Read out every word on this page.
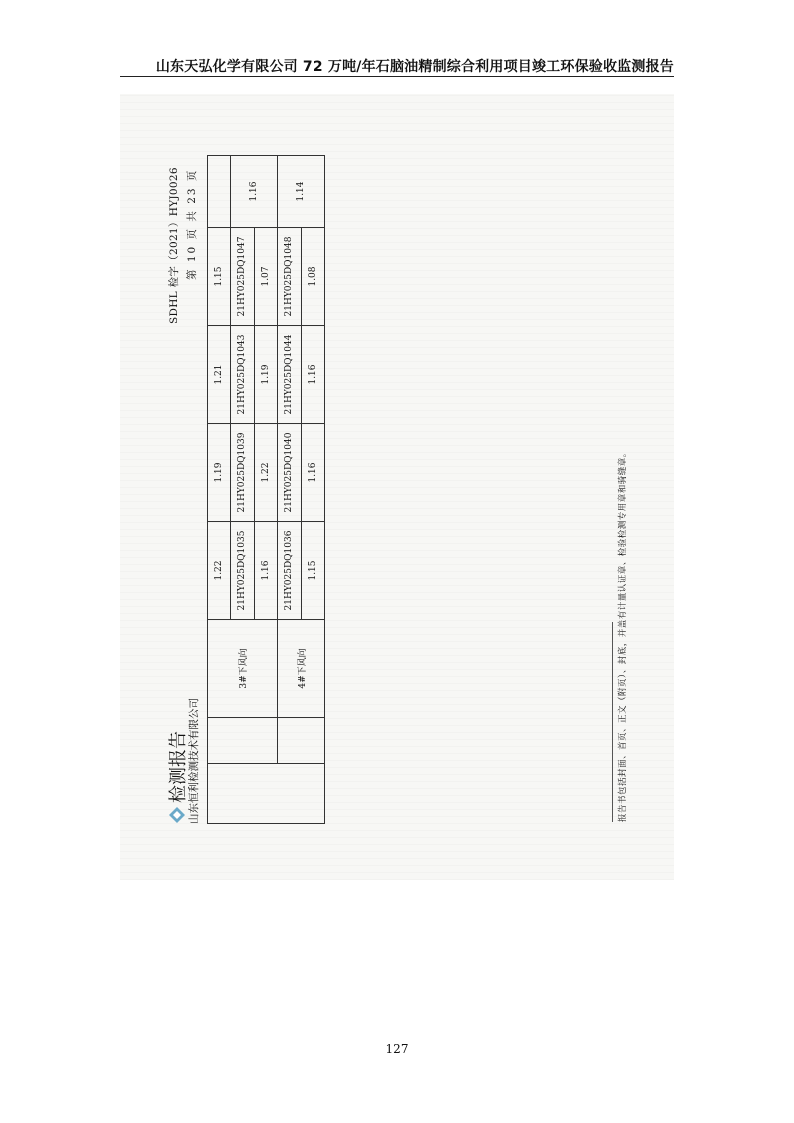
山东天弘化学有限公司 72 万吨/年石脑油精制综合利用项目竣工环保验收监测报告
检测报告 山东恒利检测技术有限公司
SDHL 检字（2021）HYJ0026 第 10 页 共 23 页
		3#下风向	1.22	1.19	1.21	1.15	
			21HY025DQ1035	21HY025DQ1039	21HY025DQ1043	21HY025DQ1047	1.16
			1.16	1.22	1.19	1.07	
		4#下风向	21HY025DQ1036	21HY025DQ1040	21HY025DQ1044	21HY025DQ1048	1.14
			1.15	1.16	1.16	1.08	
报告书包括封面、首页、正文（附页）、封底，并盖有计量认证章、检验检测专用章和骑缝章。
127
